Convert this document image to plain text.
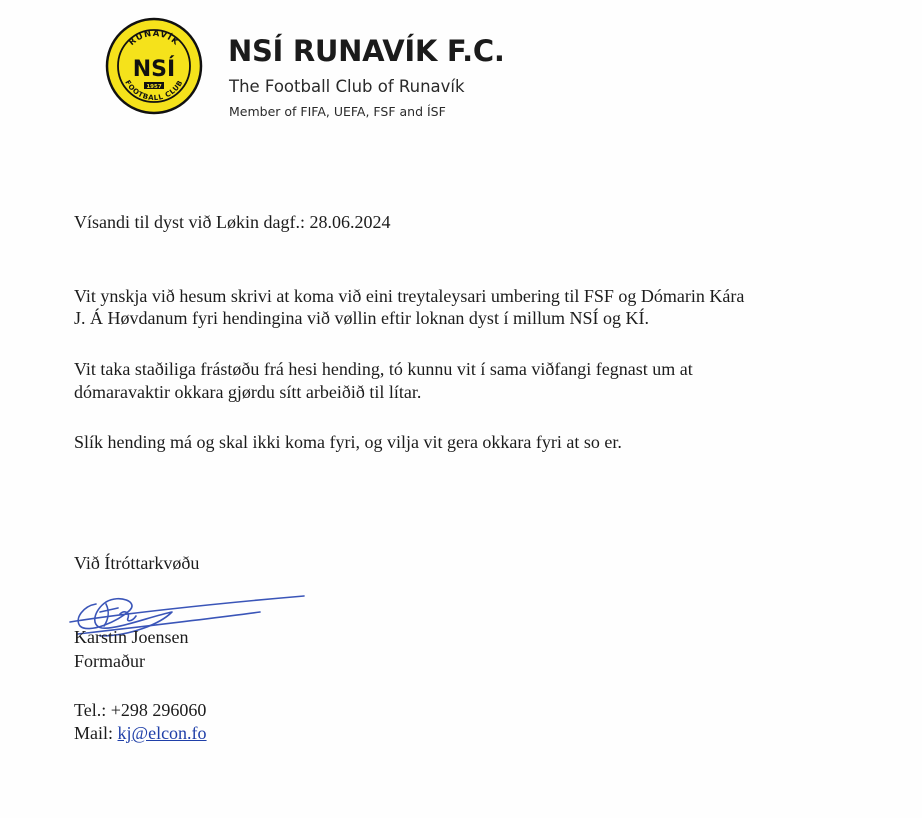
RUNAVÍK
FOOTBALL CLUB
NSÍ
1957
NSÍ RUNAVÍK F.C.
The Football Club of Runavík
Member of FIFA, UEFA, FSF and ÍSF
Vísandi til dyst við Løkin dagf.: 28.06.2024
Vit ynskja við hesum skrivi at koma við eini treytaleysari umbering til FSF og Dómarin Kára
J. Á Høvdanum fyri hendingina við vøllin eftir loknan dyst í millum NSÍ og KÍ.
Vit taka staðiliga frástøðu frá hesi hending, tó kunnu vit í sama viðfangi fegnast um at
dómaravaktir okkara gjørdu sítt arbeiðið til lítar.
Slík hending má og skal ikki koma fyri, og vilja vit gera okkara fyri at so er.
Við Ítróttarkvøðu
Karstin Joensen
Formaður
Tel.: +298 296060
Mail: kj@elcon.fo
